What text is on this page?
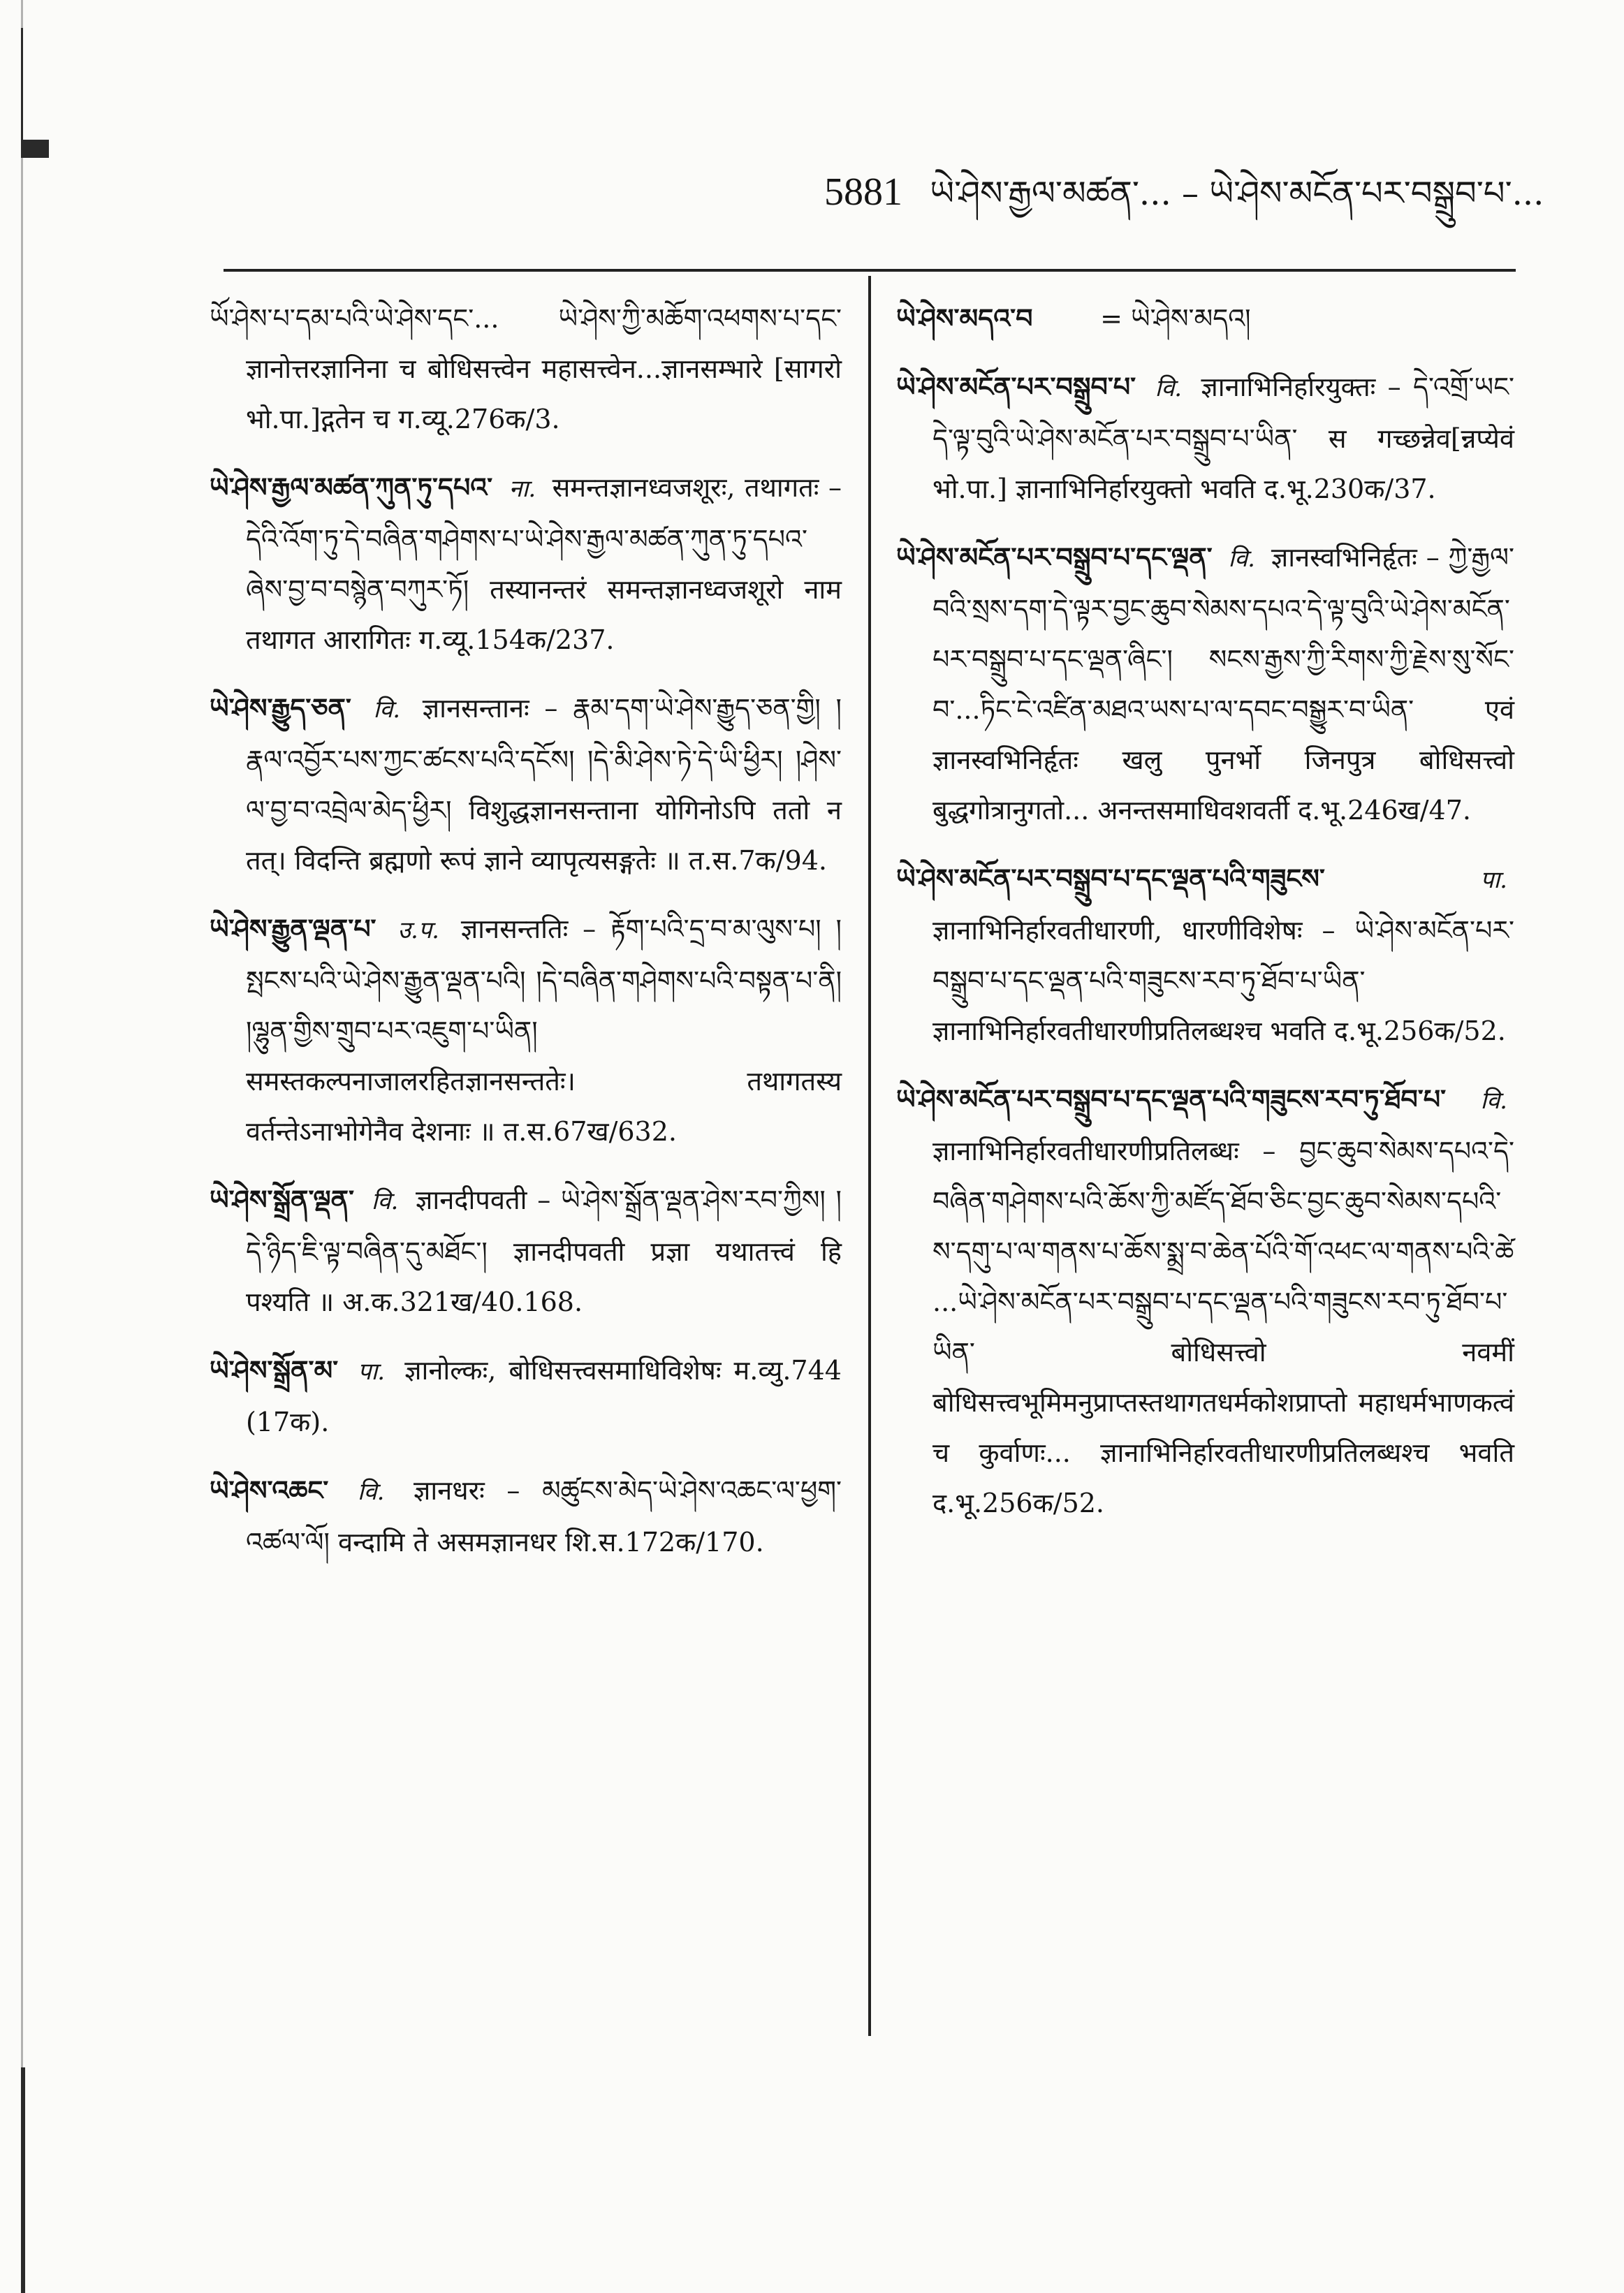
5881 ཡེ་ཤེས་རྒྱལ་མཚན་... – ཡེ་ཤེས་མངོན་པར་བསྒྲུབ་པ་...

ཡོ་ཤེས་པ་དམ་པའི་ཡེ་ཤེས་དང་... ཡེ་ཤེས་ཀྱི་མཆོག་འཕགས་པ་དང་ ज्ञानोत्तरज्ञानिना च बोधिसत्त्वेन महासत्त्वेन...ज्ञानसम्भारे [सागरो भो.पा.]द्गतेन च ग.व्यू.276क/3.

ཡེ་ཤེས་རྒྱལ་མཚན་ཀུན་ཏུ་དཔའ་ ना. समन्तज्ञानध्वजशूरः, तथागतः – དེའི་འོག་ཏུ་དེ་བཞིན་གཤེགས་པ་ཡེ་ཤེས་རྒྱལ་མཚན་ཀུན་ཏུ་དཔའ་ཞེས་བྱ་བ་བསྙེན་བཀུར་ཏོ། तस्यानन्तरं समन्तज्ञानध्वजशूरो नाम तथागत आरागितः ग.व्यू.154क/237.

ཡེ་ཤེས་རྒྱུད་ཅན་ वि. ज्ञानसन्तानः – རྣམ་དག་ཡེ་ཤེས་རྒྱུད་ཅན་གྱི། །རྣལ་འབྱོར་པས་ཀྱང་ཚངས་པའི་དངོས། །དེ་མི་ཤེས་ཏེ་དེ་ཡི་ཕྱིར། །ཤེས་ལ་བྱ་བ་འབྲེལ་མེད་ཕྱིར། विशुद्धज्ञानसन्ताना योगिनोऽपि ततो न तत्। विदन्ति ब्रह्मणो रूपं ज्ञाने व्यापृत्यसङ्गतेः ॥ त.स.7क/94.

ཡེ་ཤེས་རྒྱུན་ལྡན་པ་ उ.प. ज्ञानसन्ततिः – རྟོག་པའི་དྲ་བ་མ་ལུས་པ། །སྤངས་པའི་ཡེ་ཤེས་རྒྱུན་ལྡན་པའི། །དེ་བཞིན་གཤེགས་པའི་བསྟན་པ་ནི། །ལྷུན་གྱིས་གྲུབ་པར་འཇུག་པ་ཡིན། समस्तकल्पनाजालरहितज्ञानसन्ततेः। तथागतस्य वर्तन्तेऽनाभोगेनैव देशनाः ॥ त.स.67ख/632.

ཡེ་ཤེས་སྒྲོན་ལྡན་ वि. ज्ञानदीपवती – ཡེ་ཤེས་སྒྲོན་ལྡན་ཤེས་རབ་ཀྱིས། །དེ་ཉིད་ཇི་ལྟ་བཞིན་དུ་མཐོང་། ज्ञानदीपवती प्रज्ञा यथातत्त्वं हि पश्यति ॥ अ.क.321ख/40.168.

ཡེ་ཤེས་སྒྲོན་མ་ पा. ज्ञानोल्कः, बोधिसत्त्वसमाधिविशेषः म.व्यु.744 (17क).

ཡེ་ཤེས་འཆང་ वि. ज्ञानधरः – མཚུངས་མེད་ཡེ་ཤེས་འཆང་ལ་ཕྱག་འཚལ་ལོ། वन्दामि ते असमज्ञानधर शि.स.172क/170.

ཡེ་ཤེས་མདའ་བ	= ཡེ་ཤེས་མདའ།

ཡེ་ཤེས་མངོན་པར་བསྒྲུབ་པ་ वि. ज्ञानाभिनिर्हारयुक्तः – དེ་འགྲོ་ཡང་དེ་ལྟ་བུའི་ཡེ་ཤེས་མངོན་པར་བསྒྲུབ་པ་ཡིན་ स गच्छन्नेव[न्नप्येवं भो.पा.] ज्ञानाभिनिर्हारयुक्तो भवति द.भू.230क/37.

ཡེ་ཤེས་མངོན་པར་བསྒྲུབ་པ་དང་ལྡན་ वि. ज्ञानस्वभिनिर्हृतः – ཀྱེ་རྒྱལ་བའི་སྲས་དག་དེ་ལྟར་བྱང་ཆུབ་སེམས་དཔའ་དེ་ལྟ་བུའི་ཡེ་ཤེས་མངོན་པར་བསྒྲུབ་པ་དང་ལྡན་ཞིང་། སངས་རྒྱས་ཀྱི་རིགས་ཀྱི་རྗེས་སུ་སོང་བ་...ཏིང་ངེ་འཛིན་མཐའ་ཡས་པ་ལ་དབང་བསྒྱུར་བ་ཡིན་ एवं ज्ञानस्वभिनिर्हृतः खलु पुनर्भो जिनपुत्र बोधिसत्त्वो बुद्धगोत्रानुगतो... अनन्तसमाधिवशवर्ती द.भू.246ख/47.

ཡེ་ཤེས་མངོན་པར་བསྒྲུབ་པ་དང་ལྡན་པའི་གཟུངས་	पा. ज्ञानाभिनिर्हारवतीधारणी, धारणीविशेषः – ཡེ་ཤེས་མངོན་པར་བསྒྲུབ་པ་དང་ལྡན་པའི་གཟུངས་རབ་ཏུ་ཐོབ་པ་ཡིན་ ज्ञानाभिनिर्हारवतीधारणीप्रतिलब्धश्च भवति द.भू.256क/52.

ཡེ་ཤེས་མངོན་པར་བསྒྲུབ་པ་དང་ལྡན་པའི་གཟུངས་རབ་ཏུ་ཐོབ་པ་ वि. ज्ञानाभिनिर्हारवतीधारणीप्रतिलब्धः – བྱང་ཆུབ་སེམས་དཔའ་དེ་བཞིན་གཤེགས་པའི་ཆོས་ཀྱི་མཛོད་ཐོབ་ཅིང་བྱང་ཆུབ་སེམས་དཔའི་ས་དགུ་པ་ལ་གནས་པ་ཆོས་སྨྲ་བ་ཆེན་པོའི་གོ་འཕང་ལ་གནས་པའི་ཚེ ...ཡེ་ཤེས་མངོན་པར་བསྒྲུབ་པ་དང་ལྡན་པའི་གཟུངས་རབ་ཏུ་ཐོབ་པ་ཡིན་ बोधिसत्त्वो नवमीं बोधिसत्त्वभूमिमनुप्राप्तस्तथागतधर्मकोशप्राप्तो महाधर्मभाणकत्वं च कुर्वाणः... ज्ञानाभिनिर्हारवतीधारणीप्रतिलब्धश्च भवति द.भू.256क/52.
